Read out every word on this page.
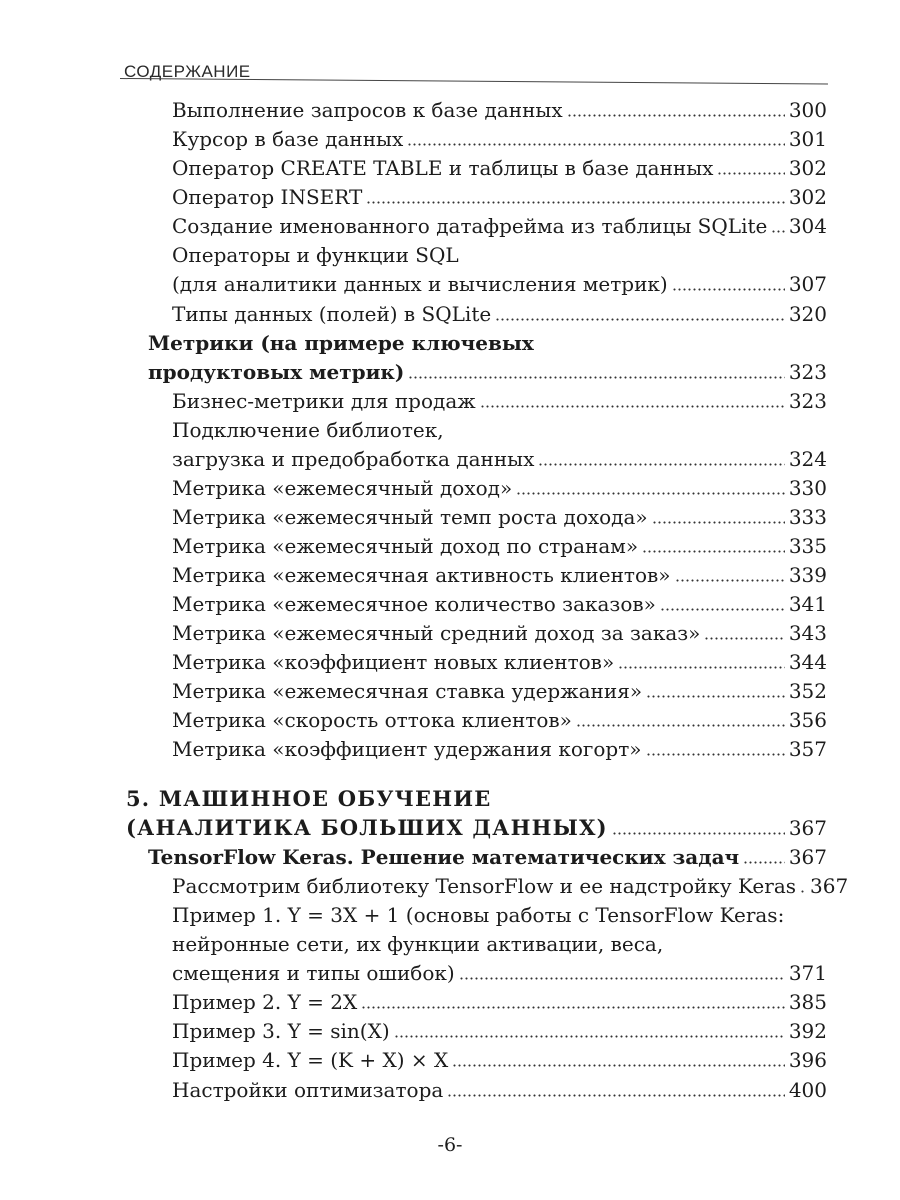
СОДЕРЖАНИЕ
Выполнение запросов к базе данных	300
Курсор в базе данных	301
Оператор CREATE TABLE и таблицы в базе данных	302
Оператор INSERT	302
Создание именованного датафрейма из таблицы SQLite 304
Операторы и функции SQL
(для аналитики данных и вычисления метрик)	307
Типы данных (полей) в SQLite	320
Метрики (на примере ключевых
продуктовых метрик)	323
Бизнес-метрики для продаж	323
Подключение библиотек,
загрузка и предобработка данных	324
Метрика «ежемесячный доход»	330
Метрика «ежемесячный темп роста дохода»	333
Метрика «ежемесячный доход по странам»	335
Метрика «ежемесячная активность клиентов»	339
Метрика «ежемесячное количество заказов»	341
Метрика «ежемесячный средний доход за заказ»	343
Метрика «коэффициент новых клиентов»	344
Метрика «ежемесячная ставка удержания»	352
Метрика «скорость оттока клиентов»	356
Метрика «коэффициент удержания когорт»	357
5. МАШИННОЕ ОБУЧЕНИЕ
(АНАЛИТИКА БОЛЬШИХ ДАННЫХ)	367
TensorFlow Keras. Решение математических задач 367
Рассмотрим библиотеку TensorFlow и ее надстройку Keras 367
Пример 1. Y = 3X + 1 (основы работы с TensorFlow Keras:
нейронные сети, их функции активации, веса,
смещения и типы ошибок)	371
Пример 2. Y = 2X	385
Пример 3. Y = sin(X)	392
Пример 4. Y = (K + X) × X	396
Настройки оптимизатора	400
-6-
